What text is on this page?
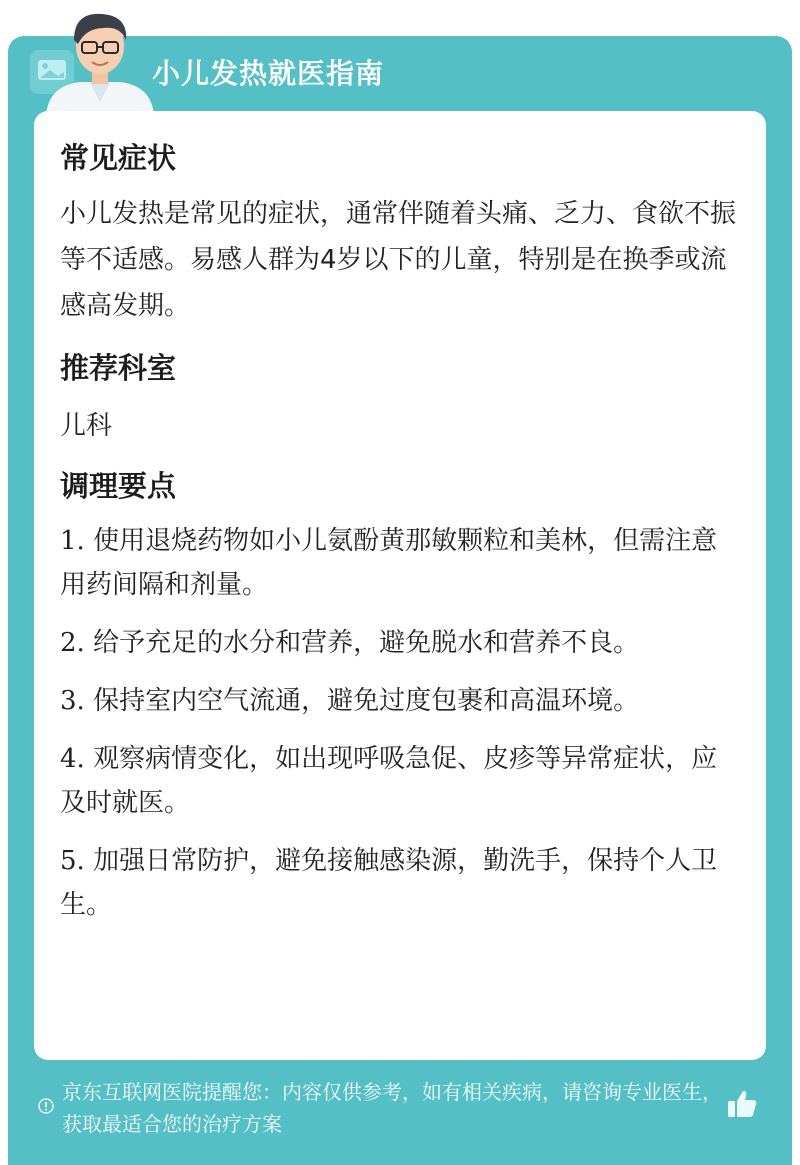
小儿发热就医指南
常见症状

小儿发热是常见的症状，通常伴随着头痛、乏力、食欲不振等不适感。易感人群为4岁以下的儿童，特别是在换季或流感高发期。

推荐科室

儿科

调理要点
1. 使用退烧药物如小儿氨酚黄那敏颗粒和美林，但需注意用药间隔和剂量。
2. 给予充足的水分和营养，避免脱水和营养不良。
3. 保持室内空气流通，避免过度包裹和高温环境。
4. 观察病情变化，如出现呼吸急促、皮疹等异常症状，应及时就医。
5. 加强日常防护，避免接触感染源，勤洗手，保持个人卫生。
京东互联网医院提醒您：内容仅供参考，如有相关疾病，请咨询专业医生，获取最适合您的治疗方案
